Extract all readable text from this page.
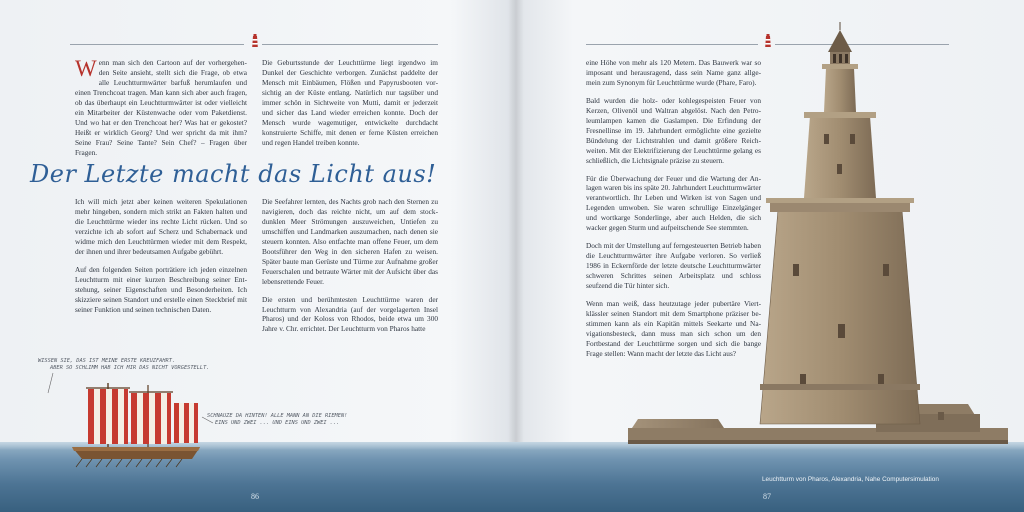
Wenn man sich den Cartoon auf der vorhergehen- den Seite ansieht, stellt sich die Frage, ob etwa alle Leuchtturmwärter barfuß herumlaufen und einen Trenchcoat tragen. Man kann sich aber auch fragen, ob das überhaupt ein Leuchtturmwärter ist oder vielleicht ein Mitarbeiter der Küstenwache oder vom Paketdienst. Und wo hat er den Trenchcoat her? Was hat er gekostet? Heißt er wirklich Georg? Und wer spricht da mit ihm? Seine Frau? Seine Tante? Sein Chef? – Fragen über Fragen.

Die Geburtsstunde der Leuchttürme liegt irgendwo im Dunkel der Geschichte verborgen. Zunächst paddelte der Mensch mit Einbäumen, Flößen und Papyrusbooten vorsichtig an der Küste entlang. Natürlich nur tagsüber und immer schön in Sichtweite von Mutti, damit er jederzeit und sicher das Land wieder erreichen konnte. Doch der Mensch wurde wagemutiger, entwickelte durchdacht konstruierte Schiffe, mit denen er ferne Küsten erreichen und regen Handel treiben konnte.

Die Seefahrer lernten, des Nachts grob nach den Sternen zu navigieren, doch das reichte nicht, um auf dem stockdunklen Meer Strömungen auszuweichen, Untiefen zu umschiffen und Landmarken auszumachen, nach denen sie steuern konnten. Also entfachte man offene Feuer, um dem Bootsführer den Weg in den sicheren Hafen zu weisen. Später baute man Gerüste und Türme zur Aufnahme großer Feuerschalen und betraute Wärter mit der Aufsicht über das lebensrettende Feuer.

Die ersten und berühmtesten Leuchttürme waren der Leuchtturm von Alexandria (auf der vorgelagerten Insel Pharos) und der Koloss von Rhodos, beide etwa um 300 Jahre v. Chr. errichtet. Der Leuchtturm von Pharos hatte

Der Letzte macht das Licht aus!

Ich will mich jetzt aber keinen weiteren Spekulationen mehr hingeben, sondern mich strikt an Fakten halten und die Leuchttürme wieder ins rechte Licht rücken. Und so verzichte ich ab sofort auf Scherz und Schabernack und widme mich den Leuchttürmen wieder mit dem Respekt, der ihnen und ihrer bedeutsamen Aufgabe gebührt.

Auf den folgenden Seiten porträtiere ich jeden einzelnen Leuchtturm mit einer kurzen Beschreibung seiner Entstehung, seiner Eigenschaften und Besonderheiten. Ich skizziere seinen Standort und erstelle einen Steckbrief mit seiner Funktion und seinen technischen Daten.

WISSEN SIE, DAS IST MEINE ERSTE KREUZFAHRT.
ABER SO SCHLIMM HAB ICH MIR DAS NICHT VORGESTELLT.
SCHNAUZE DA HINTEN! ALLE MANN AN DIE RIEMEN!
EINS UND ZWEI ... UND EINS UND ZWEI ...

eine Höhe von mehr als 120 Metern. Das Bauwerk war so imposant und herausragend, dass sein Name ganz allgemein zum Synonym für Leuchttürme wurde (Phare, Faro).

Bald wurden die holz- oder kohlegespeisten Feuer von Kerzen, Olivenöl und Waltran abgelöst. Nach den Petroleumlampen kamen die Gaslampen. Die Erfindung der Fresnellinse im 19. Jahrhundert ermöglichte eine gezielte Bündelung der Lichtstrahlen und damit größere Reichweiten. Mit der Elektrifizierung der Leuchttürme gelang es schließlich, die Lichtsignale präzise zu steuern.

Für die Überwachung der Feuer und die Wartung der Anlagen waren bis ins späte 20. Jahrhundert Leuchtturmwärter verantwortlich. Ihr Leben und Wirken ist von Sagen und Legenden umwoben. Sie waren schrullige Einzelgänger und wortkarge Sonderlinge, aber auch Helden, die sich wacker gegen Sturm und aufpeitschende See stemmten.

Doch mit der Umstellung auf ferngesteuerten Betrieb haben die Leuchtturmwärter ihre Aufgabe verloren. So verließ 1986 in Eckernförde der letzte deutsche Leuchtturmwärter schweren Schrittes seinen Arbeitsplatz und schloss seufzend die Tür hinter sich.

Wenn man weiß, dass heutzutage jeder pubertäre Viertklässler seinen Standort mit dem Smartphone präziser bestimmen kann als ein Kapitän mittels Seekarte und Navigationsbesteck, dann muss man sich schon um den Fortbestand der Leuchttürme sorgen und sich die bange Frage stellen: Wann macht der letzte das Licht aus?

86	87
Leuchtturm von Pharos, Alexandria, Nahe Computersimulation
